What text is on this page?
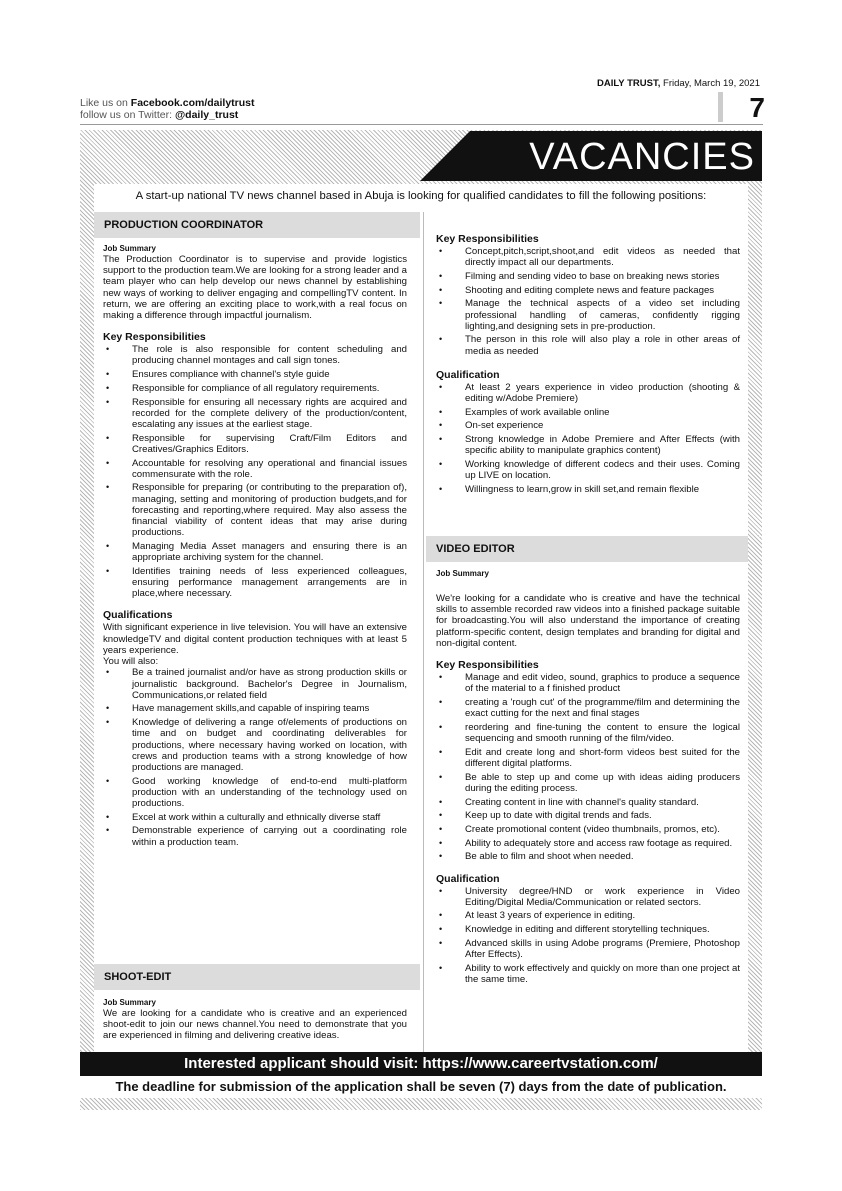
DAILY TRUST, Friday, March 19, 2021
Like us on Facebook.com/dailytrust
follow us on Twitter: @daily_trust	7
VACANCIES
A start-up national TV news channel based in Abuja is looking for qualified candidates to fill the following positions:
PRODUCTION COORDINATOR
Job Summary

The Production Coordinator is to supervise and provide logistics support to the production team.We are looking for a strong leader and a team player who can help develop our news channel by establishing new ways of working to deliver engaging and compellingTV content. In return, we are offering an exciting place to work,with a real focus on making a difference through impactful journalism.

Key Responsibilities
• The role is also responsible for content scheduling and producing channel montages and call sign tones.
• Ensures compliance with channel's style guide
• Responsible for compliance of all regulatory requirements.
• Responsible for ensuring all necessary rights are acquired and recorded for the complete delivery of the production/content, escalating any issues at the earliest stage.
• Responsible for supervising Craft/Film Editors and Creatives/Graphics Editors.
• Accountable for resolving any operational and financial issues commensurate with the role.
• Responsible for preparing (or contributing to the preparation of), managing, setting and monitoring of production budgets,and for forecasting and reporting,where required. May also assess the financial viability of content ideas that may arise during productions.
• Managing Media Asset managers and ensuring there is an appropriate archiving system for the channel.
• Identifies training needs of less experienced colleagues, ensuring performance management arrangements are in place,where necessary.
Qualifications

With significant experience in live television. You will have an extensive knowledgeTV and digital content production techniques with at least 5 years experience.

You will also:

• Be a trained journalist and/or have as strong production skills or journalistic background. Bachelor's Degree in Journalism, Communications,or related field
• Have management skills,and capable of inspiring teams
• Knowledge of delivering a range of/elements of productions on time and on budget and coordinating deliverables for productions, where necessary having worked on location, with crews and production teams with a strong knowledge of how productions are managed.
• Good working knowledge of end-to-end multi-platform production with an understanding of the technology used on productions.
• Excel at work within a culturally and ethnically diverse staff
• Demonstrable experience of carrying out a coordinating role within a production team.
SHOOT-EDIT
Job Summary

We are looking for a candidate who is creative and an experienced shoot-edit to join our news channel.You need to demonstrate that you are experienced in filming and delivering creative ideas.

Key Responsibilities
• Concept,pitch,script,shoot,and edit videos as needed that directly impact all our departments.
• Filming and sending video to base on breaking news stories
• Shooting and editing complete news and feature packages
• Manage the technical aspects of a video set including professional handling of cameras, confidently rigging lighting,and designing sets in pre-production.
• The person in this role will also play a role in other areas of media as needed
Qualification
• At least 2 years experience in video production (shooting & editing w/Adobe Premiere)
• Examples of work available online
• On-set experience
• Strong knowledge in Adobe Premiere and After Effects (with specific ability to manipulate graphics content)
• Working knowledge of different codecs and their uses. Coming up LIVE on location.
• Willingness to learn,grow in skill set,and remain flexible
VIDEO EDITOR
Job Summary

We're looking for a candidate who is creative and have the technical skills to assemble recorded raw videos into a finished package suitable for broadcasting.You will also understand the importance of creating platform-specific content, design templates and branding for digital and non-digital content.

Key Responsibilities
• Manage and edit video, sound, graphics to produce a sequence of the material to a f finished product
• creating a 'rough cut' of the programme/film and determining the exact cutting for the next and final stages
• reordering and fine-tuning the content to ensure the logical sequencing and smooth running of the film/video.
• Edit and create long and short-form videos best suited for the different digital platforms.
• Be able to step up and come up with ideas aiding producers during the editing process.
• Creating content in line with channel's quality standard.
• Keep up to date with digital trends and fads.
• Create promotional content (video thumbnails, promos, etc).
• Ability to adequately store and access raw footage as required.
• Be able to film and shoot when needed.
Qualification
• University degree/HND or work experience in Video Editing/Digital Media/Communication or related sectors.
• At least 3 years of experience in editing.
• Knowledge in editing and different storytelling techniques.
• Advanced skills in using Adobe programs (Premiere, Photoshop After Effects).
• Ability to work effectively and quickly on more than one project at the same time.
Interested applicant should visit: https://www.careertvstation.com/
The deadline for submission of the application shall be seven (7) days from the date of publication.
